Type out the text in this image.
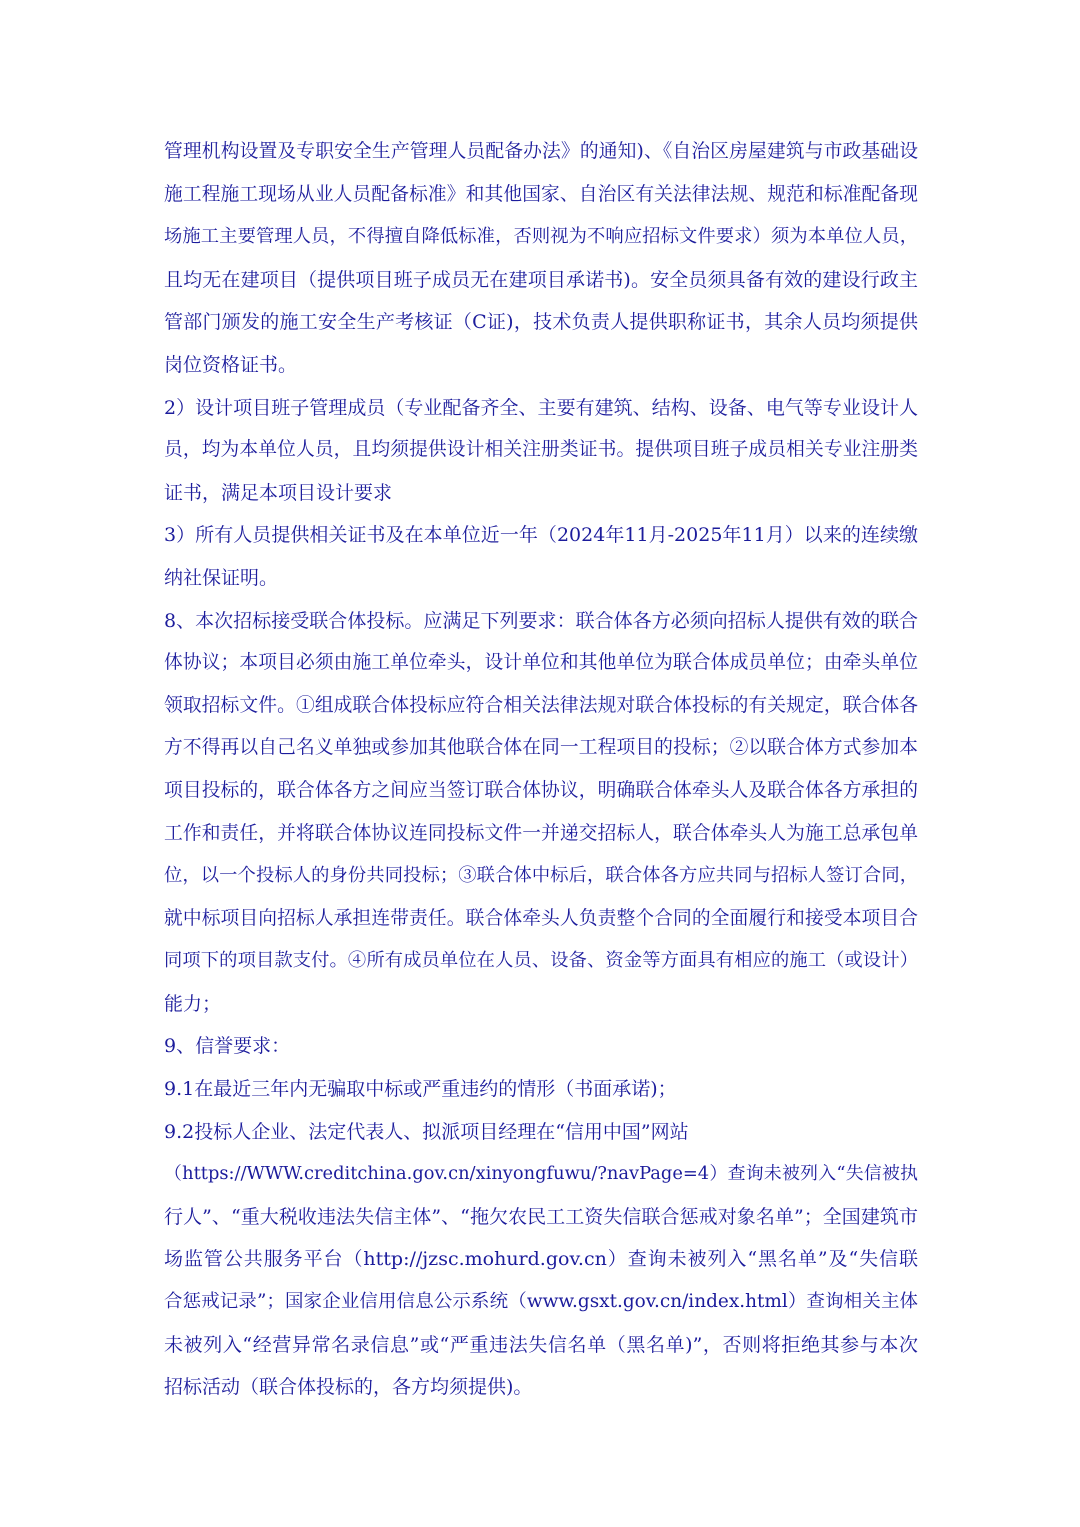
管理机构设置及专职安全生产管理人员配备办法》的通知)、《自治区房屋建筑与市政基础设
施工程施工现场从业人员配备标准》和其他国家、自治区有关法律法规、规范和标准配备现
场施工主要管理人员，不得擅自降低标准，否则视为不响应招标文件要求）须为本单位人员，
且均无在建项目（提供项目班子成员无在建项目承诺书)。安全员须具备有效的建设行政主
管部门颁发的施工安全生产考核证（C证)，技术负责人提供职称证书，其余人员均须提供
岗位资格证书。
2）设计项目班子管理成员（专业配备齐全、主要有建筑、结构、设备、电气等专业设计人
员，均为本单位人员，且均须提供设计相关注册类证书。提供项目班子成员相关专业注册类
证书，满足本项目设计要求
3）所有人员提供相关证书及在本单位近一年（2024年11月-2025年11月）以来的连续缴
纳社保证明。
8、本次招标接受联合体投标。应满足下列要求：联合体各方必须向招标人提供有效的联合
体协议；本项目必须由施工单位牵头，设计单位和其他单位为联合体成员单位；由牵头单位
领取招标文件。①组成联合体投标应符合相关法律法规对联合体投标的有关规定，联合体各
方不得再以自己名义单独或参加其他联合体在同一工程项目的投标；②以联合体方式参加本
项目投标的，联合体各方之间应当签订联合体协议，明确联合体牵头人及联合体各方承担的
工作和责任，并将联合体协议连同投标文件一并递交招标人，联合体牵头人为施工总承包单
位，以一个投标人的身份共同投标；③联合体中标后，联合体各方应共同与招标人签订合同，
就中标项目向招标人承担连带责任。联合体牵头人负责整个合同的全面履行和接受本项目合
同项下的项目款支付。④所有成员单位在人员、设备、资金等方面具有相应的施工（或设计）
能力；
9、信誉要求：
9.1在最近三年内无骗取中标或严重违约的情形（书面承诺)；
9.2投标人企业、法定代表人、拟派项目经理在“信用中国”网站
（https://WWW.creditchina.gov.cn/xinyongfuwu/?navPage=4）查询未被列入“失信被执
行人”、“重大税收违法失信主体”、“拖欠农民工工资失信联合惩戒对象名单”；全国建筑市
场监管公共服务平台（http://jzsc.mohurd.gov.cn）查询未被列入“黑名单”及“失信联
合惩戒记录”；国家企业信用信息公示系统（www.gsxt.gov.cn/index.html）查询相关主体
未被列入“经营异常名录信息”或“严重违法失信名单（黑名单)”，否则将拒绝其参与本次
招标活动（联合体投标的，各方均须提供)。
